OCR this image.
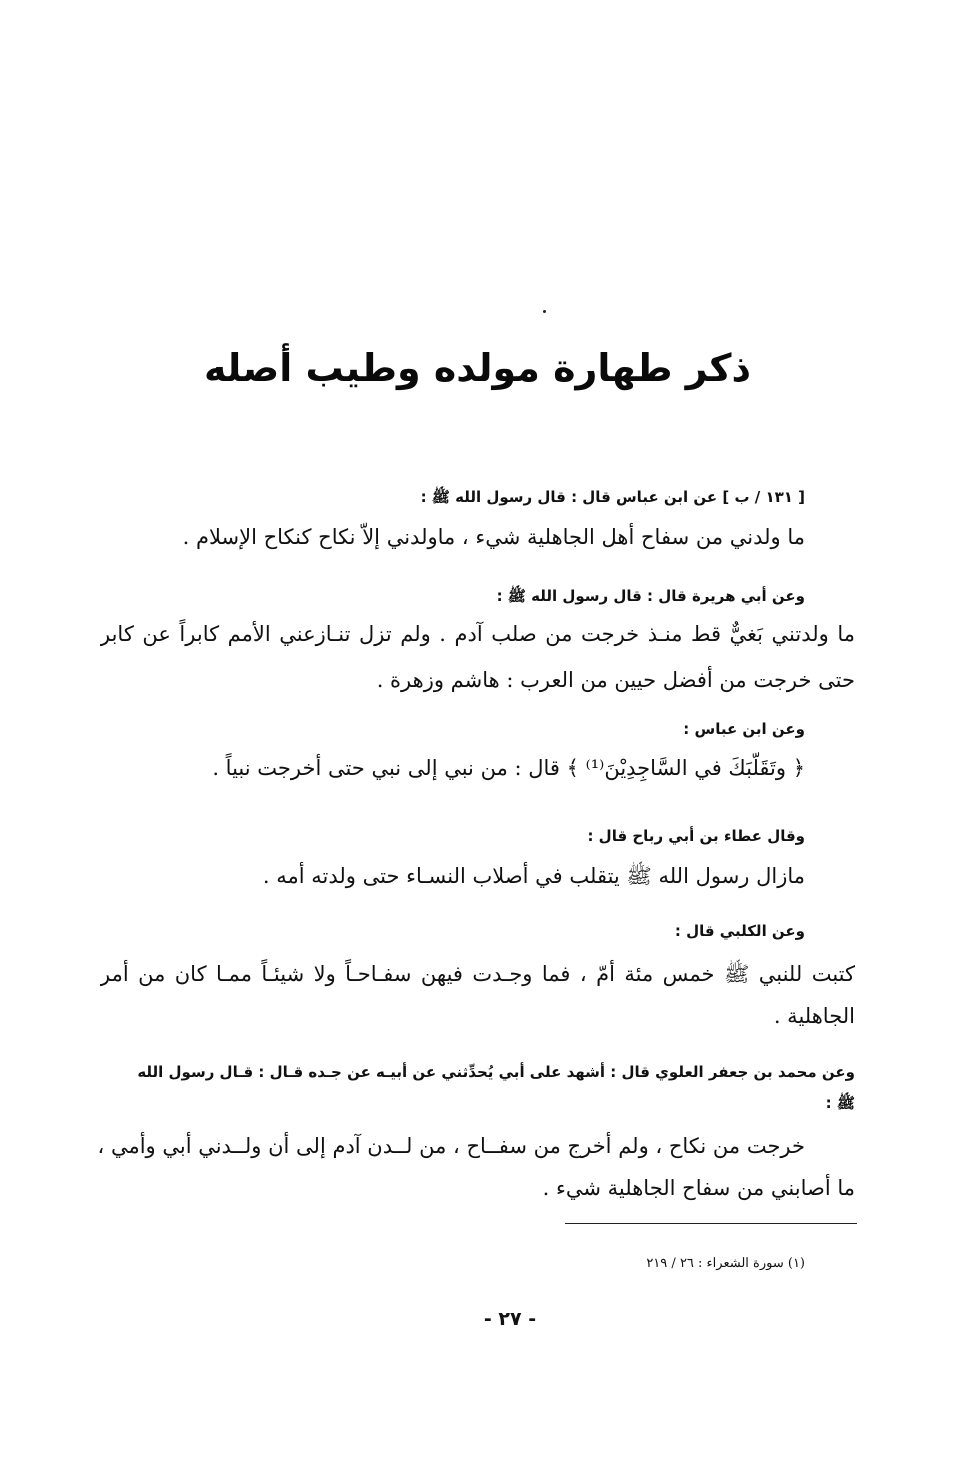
ذكر طهارة مولده وطيب أصله
[ ١٣١ / ب ] عن ابن عباس قال : قال رسول الله ﷺ :
ما ولدني من سفاح أهل الجاهلية شيء ، ماولدني إلاّ نكاح كنكاح الإسلام .
وعن أبي هريرة قال : قال رسول الله ﷺ :
ما ولدتني بَغيٌّ قط منـذ خرجت من صلب آدم . ولم تزل تنـازعني الأمم كابراً عن كابر
حتى خرجت من أفضل حيين من العرب : هاشم وزهرة .
وعن ابن عباس :
﴿ وتَقَلُّبَكَ في السَّاجِدِيْنَ⁽¹⁾ ﴾ قال : من نبي إلى نبي حتى أخرجت نبياً .
وقال عطاء بن أبي رباح قال :
مازال رسول الله ﷺ يتقلب في أصلاب النسـاء حتى ولدته أمه .
وعن الكلبي قال :
كتبت للنبي ﷺ خمس مئة أمّ ، فما وجـدت فيهن سفـاحـاً ولا شيئـاً ممـا كان من أمر
الجاهلية .
وعن محمد بن جعفر العلوي قال : أشهد على أبي يُحدِّثني عن أبيـه عن جـده قـال : قـال رسول الله
ﷺ :
خرجت من نكاح ، ولم أخرج من سفــاح ، من لــدن آدم إلى أن ولــدني أبي وأمي ،
ما أصابني من سفاح الجاهلية شيء .
(١) سورة الشعراء : ٢٦ / ٢١٩
- ٢٧ -
